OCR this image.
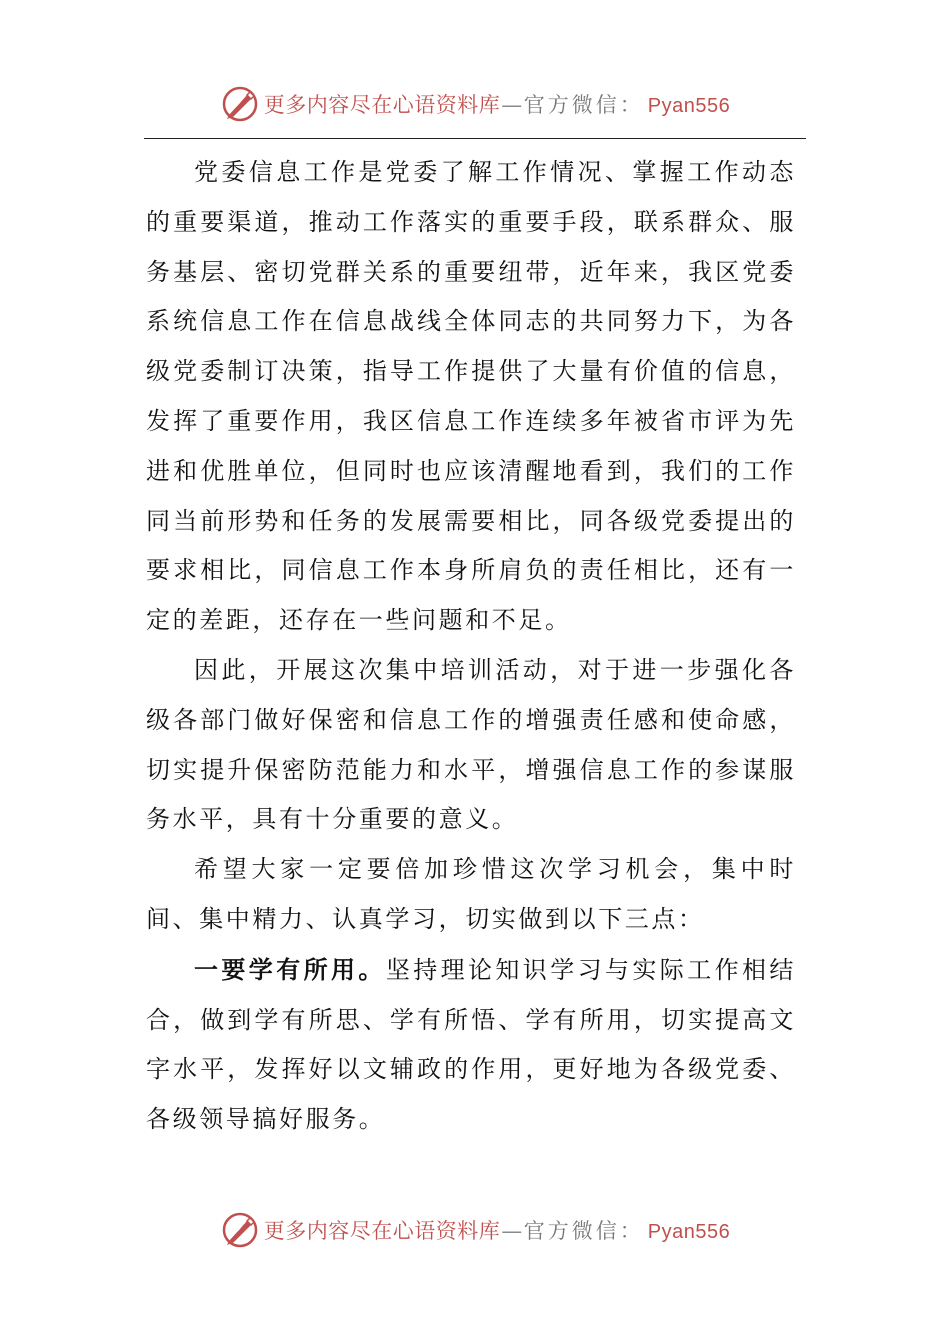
更多内容尽在心语资料库 — 官方微信： Pyan556

党委信息工作是党委了解工作情况、掌握工作动态的重要渠道，推动工作落实的重要手段，联系群众、服务基层、密切党群关系的重要纽带，近年来，我区党委系统信息工作在信息战线全体同志的共同努力下，为各级党委制订决策，指导工作提供了大量有价值的信息，发挥了重要作用，我区信息工作连续多年被省市评为先进和优胜单位，但同时也应该清醒地看到，我们的工作同当前形势和任务的发展需要相比，同各级党委提出的要求相比，同信息工作本身所肩负的责任相比，还有一定的差距，还存在一些问题和不足。

因此，开展这次集中培训活动，对于进一步强化各级各部门做好保密和信息工作的增强责任感和使命感，切实提升保密防范能力和水平，增强信息工作的参谋服务水平，具有十分重要的意义。

希望大家一定要倍加珍惜这次学习机会，集中时间、集中精力、认真学习，切实做到以下三点：

一要学有所用。坚持理论知识学习与实际工作相结合，做到学有所思、学有所悟、学有所用，切实提高文字水平，发挥好以文辅政的作用，更好地为各级党委、各级领导搞好服务。

更多内容尽在心语资料库 — 官方微信： Pyan556
